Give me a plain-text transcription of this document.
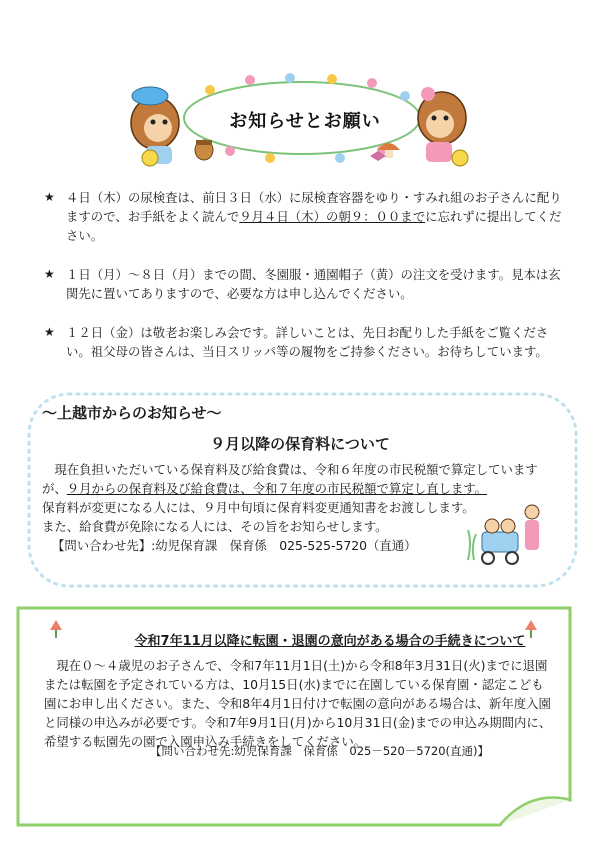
お知らせとお願い
★ ４日（木）の尿検査は、前日３日（水）に尿検査容器をゆり・すみれ組のお子さんに配りますので、お手紙をよく読んで９月４日（木）の朝９：００までに忘れずに提出してください。
★ １日（月）～８日（月）までの間、冬園服・通園帽子（黄）の注文を受けます。見本は玄関先に置いてありますので、必要な方は申し込んでください。
★ １２日（金）は敬老お楽しみ会です。詳しいことは、先日お配りした手紙をご覧ください。祖父母の皆さんは、当日スリッパ等の履物をご持参ください。お待ちしています。
～上越市からのお知らせ～
９月以降の保育料について

現在負担いただいている保育料及び給食費は、令和６年度の市民税額で算定していますが、９月からの保育料及び給食費は、令和７年度の市民税額で算定し直します。

保育料が変更になる人には、９月中旬頃に保育料変更通知書をお渡しします。

また、給食費が免除になる人には、その旨をお知らせします。

【問い合わせ先】:幼児保育課　保育係　025-525-5720（直通）

令和7年11月以降に転園・退園の意向がある場合の手続きについて

現在０～４歳児のお子さんで、令和7年11月1日(土)から令和8年3月31日(火)までに退園または転園を予定されている方は、10月15日(水)までに在園している保育園・認定こども園にお申し出ください。また、令和8年4月1日付けで転園の意向がある場合は、新年度入園と同様の申込みが必要です。令和7年9月1日(月)から10月31日(金)までの申込み期間内に、希望する転園先の園で入園申込み手続きをしてください。

【問い合わせ先:幼児保育課　保育係　025－520－5720(直通)】
